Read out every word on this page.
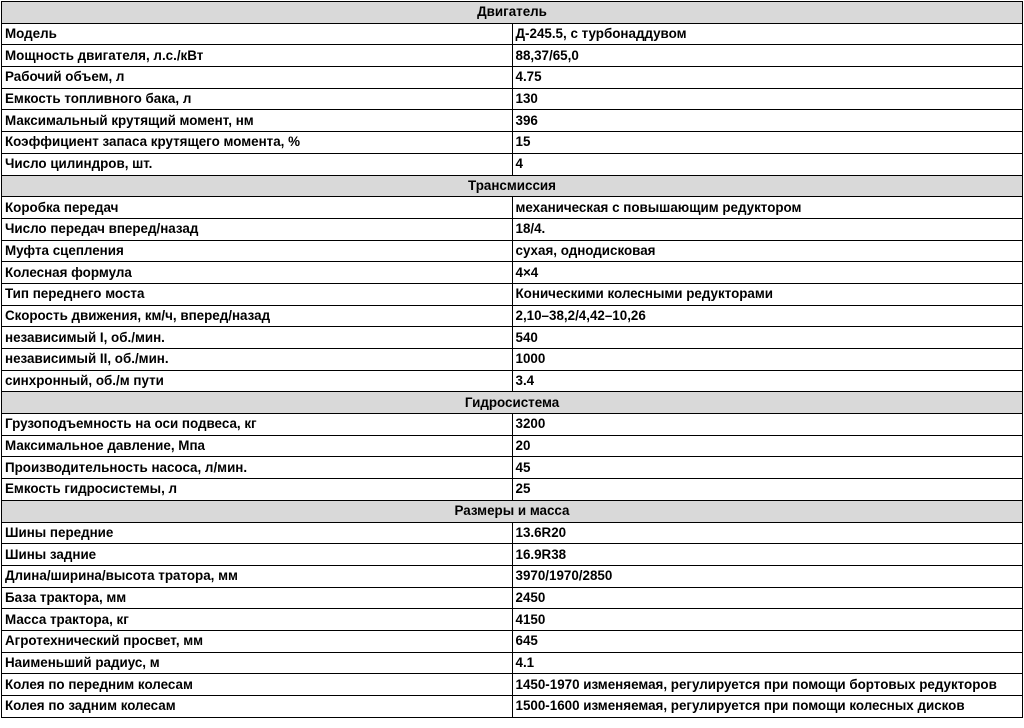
Двигатель	
Модель	Д-245.5, с турбонаддувом
Мощность двигателя, л.с./кВт	88,37/65,0
Рабочий объем, л	4.75
Емкость топливного бака, л	130
Максимальный крутящий момент, нм	396
Коэффициент запаса крутящего момента, %	15
Число цилиндров, шт.	4
Трансмиссия	
Коробка передач	механическая с повышающим редуктором
Число передач вперед/назад	18/4.
Муфта сцепления	сухая, однодисковая
Колесная формула	4×4
Тип переднего моста	Коническими колесными редукторами
Скорость движения, км/ч, вперед/назад	2,10–38,2/4,42–10,26
независимый I, об./мин.	540
независимый II, об./мин.	1000
синхронный, об./м пути	3.4
Гидросистема	
Грузоподъемность на оси подвеса, кг	3200
Максимальное давление, Мпа	20
Производительность насоса, л/мин.	45
Емкость гидросистемы, л	25
Размеры и масса	
Шины передние	13.6R20
Шины задние	16.9R38
Длина/ширина/высота тратора, мм	3970/1970/2850
База трактора, мм	2450
Масса трактора, кг	4150
Агротехнический просвет, мм	645
Наименьший радиус, м	4.1
Колея по передним колесам	1450-1970 изменяемая, регулируется при помощи бортовых редукторов
Колея по задним колесам	1500-1600 изменяемая, регулируется при помощи колесных дисков
